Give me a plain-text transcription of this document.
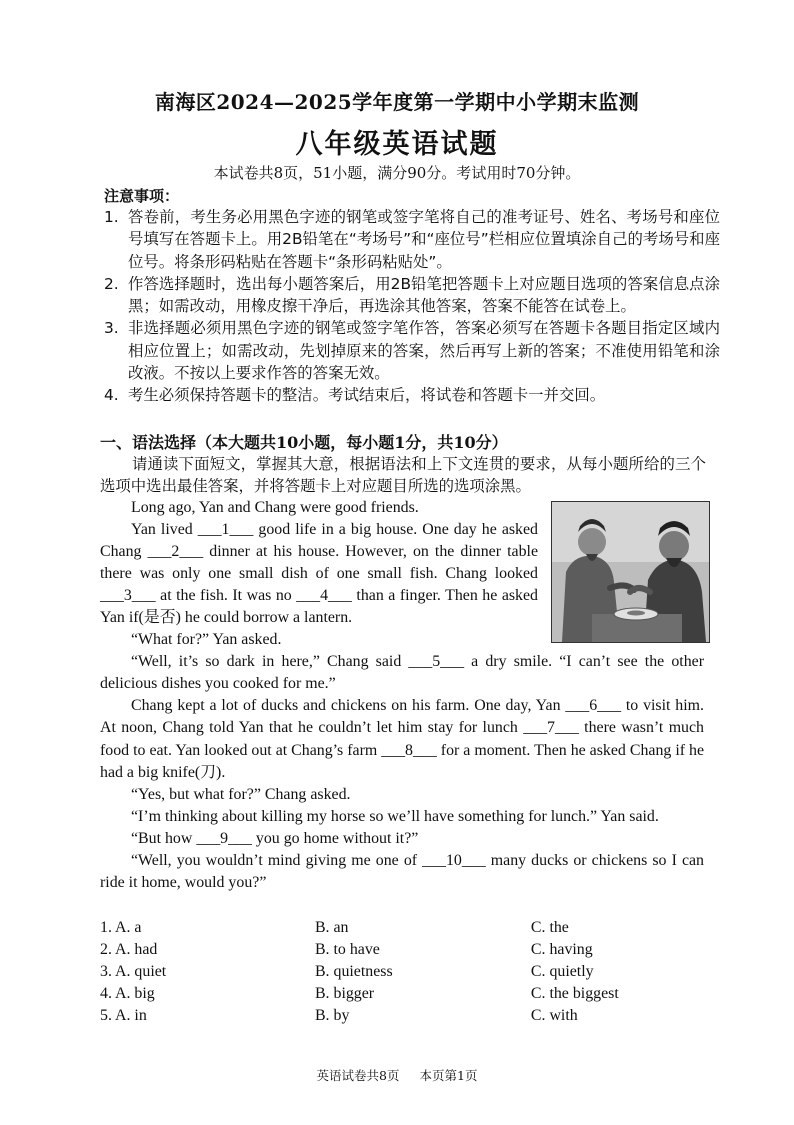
南海区2024—2025学年度第一学期中小学期末监测
八年级英语试题
本试卷共8页，51小题，满分90分。考试用时70分钟。
注意事项：
1. 答卷前，考生务必用黑色字迹的钢笔或签字笔将自己的准考证号、姓名、考场号和座位号填写在答题卡上。用2B铅笔在“考场号”和“座位号”栏相应位置填涂自己的考场号和座位号。将条形码粘贴在答题卡“条形码粘贴处”。
2. 作答选择题时，选出每小题答案后，用2B铅笔把答题卡上对应题目选项的答案信息点涂黑；如需改动，用橡皮擦干净后，再选涂其他答案，答案不能答在试卷上。
3. 非选择题必须用黑色字迹的钢笔或签字笔作答，答案必须写在答题卡各题目指定区域内相应位置上；如需改动，先划掉原来的答案，然后再写上新的答案；不准使用铅笔和涂改液。不按以上要求作答的答案无效。
4. 考生必须保持答题卡的整洁。考试结束后，将试卷和答题卡一并交回。
一、语法选择（本大题共10小题，每小题1分，共10分）
请通读下面短文，掌握其大意，根据语法和上下文连贯的要求，从每小题所给的三个选项中选出最佳答案，并将答题卡上对应题目所选的选项涂黑。

Long ago, Yan and Chang were good friends.

Yan lived ___1___ good life in a big house. One day he asked Chang ___2___ dinner at his house. However, on the dinner table there was only one small dish of one small fish. Chang looked ___3___ at the fish. It was no ___4___ than a finger. Then he asked Yan if(是否) he could borrow a lantern.

“What for?” Yan asked.

“Well, it’s so dark in here,” Chang said ___5___ a dry smile. “I can’t see the other delicious dishes you cooked for me.”

Chang kept a lot of ducks and chickens on his farm. One day, Yan ___6___ to visit him. At noon, Chang told Yan that he couldn’t let him stay for lunch ___7___ there wasn’t much food to eat. Yan looked out at Chang’s farm ___8___ for a moment. Then he asked Chang if he had a big knife(刀).

“Yes, but what for?” Chang asked.

“I’m thinking about killing my horse so we’ll have something for lunch.” Yan said.

“But how ___9___ you go home without it?”

“Well, you wouldn’t mind giving me one of ___10___ many ducks or chickens so I can ride it home, would you?”

1. A. a	B. an	C. the
2. A. had	B. to have	C. having
3. A. quiet	B. quietness	C. quietly
4. A. big	B. bigger	C. the biggest
5. A. in	B. by	C. with
英语试卷共8页 本页第1页
